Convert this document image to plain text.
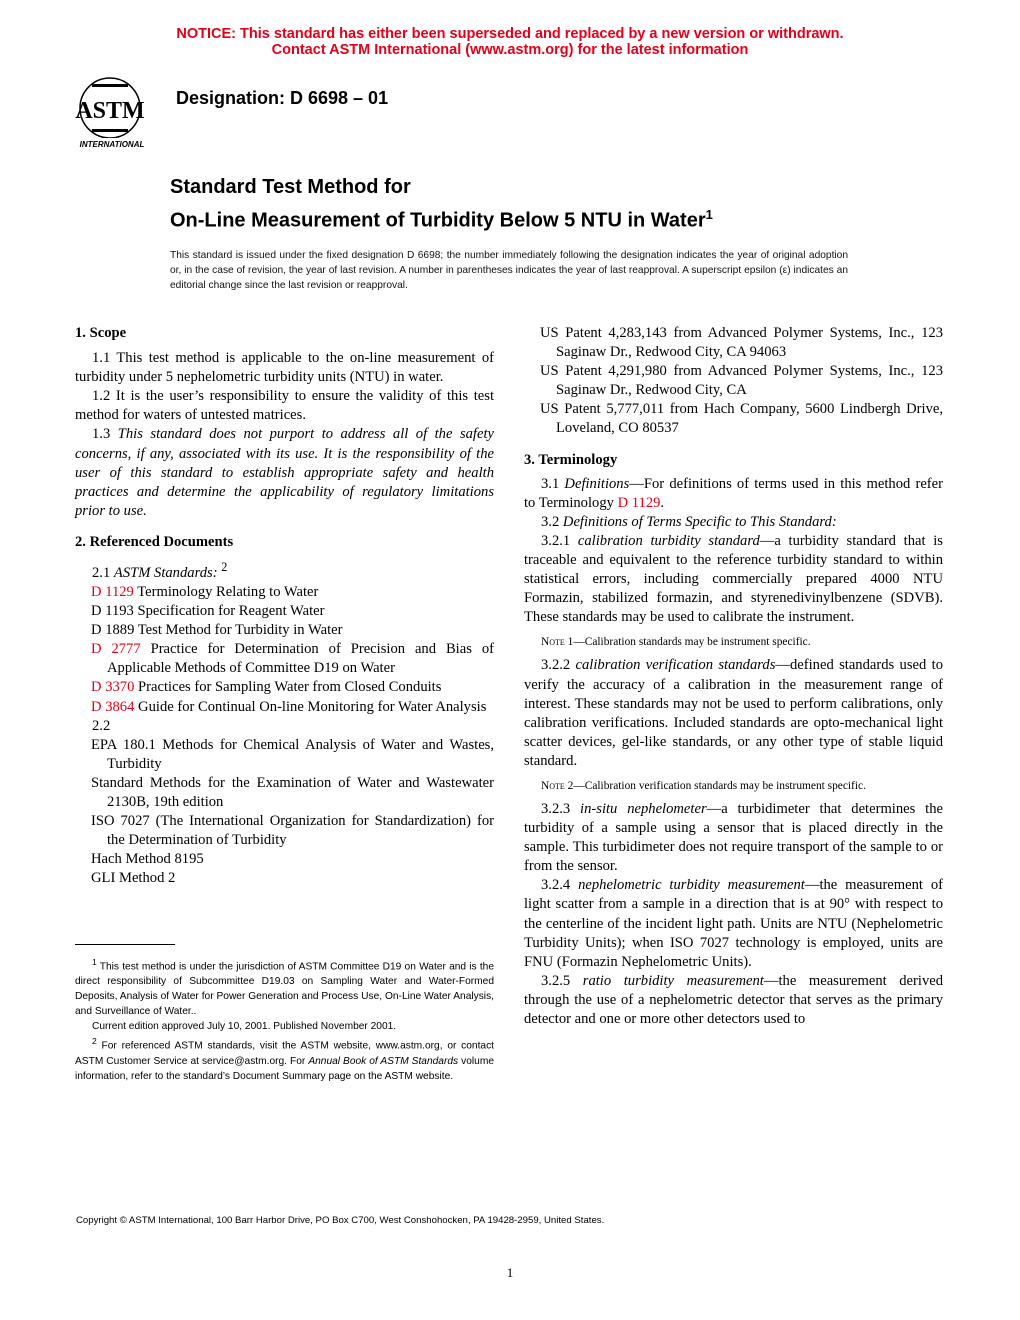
NOTICE: This standard has either been superseded and replaced by a new version or withdrawn.
Contact ASTM International (www.astm.org) for the latest information
ASTM
INTERNATIONAL
Designation: D 6698 – 01
Standard Test Method for
On-Line Measurement of Turbidity Below 5 NTU in Water$^1$
This standard is issued under the fixed designation D 6698; the number immediately following the designation indicates the year of original adoption or, in the case of revision, the year of last revision. A number in parentheses indicates the year of last reapproval. A superscript epsilon (ε) indicates an editorial change since the last revision or reapproval.

1. Scope

1.1 This test method is applicable to the on-line measurement of turbidity under 5 nephelometric turbidity units (NTU) in water.

1.2 It is the user’s responsibility to ensure the validity of this test method for waters of untested matrices.

1.3 This standard does not purport to address all of the safety concerns, if any, associated with its use. It is the responsibility of the user of this standard to establish appropriate safety and health practices and determine the applicability of regulatory limitations prior to use.

2. Referenced Documents

2.1 ASTM Standards: $^2$

D 1129 Terminology Relating to Water

D 1193 Specification for Reagent Water

D 1889 Test Method for Turbidity in Water

D 2777 Practice for Determination of Precision and Bias of Applicable Methods of Committee D19 on Water

D 3370 Practices for Sampling Water from Closed Conduits

D 3864 Guide for Continual On-line Monitoring for Water Analysis

2.2

EPA 180.1 Methods for Chemical Analysis of Water and Wastes, Turbidity

Standard Methods for the Examination of Water and Wastewater 2130B, 19th edition

ISO 7027 (The International Organization for Standardization) for the Determination of Turbidity

Hach Method 8195

GLI Method 2

$^1$ This test method is under the jurisdiction of ASTM Committee D19 on Water and is the direct responsibility of Subcommittee D19.03 on Sampling Water and Water-Formed Deposits, Analysis of Water for Power Generation and Process Use, On-Line Water Analysis, and Surveillance of Water..

Current edition approved July 10, 2001. Published November 2001.

$^2$ For referenced ASTM standards, visit the ASTM website, www.astm.org, or contact ASTM Customer Service at service@astm.org. For Annual Book of ASTM Standards volume information, refer to the standard’s Document Summary page on the ASTM website.

US Patent 4,283,143 from Advanced Polymer Systems, Inc., 123 Saginaw Dr., Redwood City, CA 94063

US Patent 4,291,980 from Advanced Polymer Systems, Inc., 123 Saginaw Dr., Redwood City, CA

US Patent 5,777,011 from Hach Company, 5600 Lindbergh Drive, Loveland, CO 80537

3. Terminology

3.1 Definitions—For definitions of terms used in this method refer to Terminology D 1129.

3.2 Definitions of Terms Specific to This Standard:

3.2.1 calibration turbidity standard—a turbidity standard that is traceable and equivalent to the reference turbidity standard to within statistical errors, including commercially prepared 4000 NTU Formazin, stabilized formazin, and styrenedivinylbenzene (SDVB). These standards may be used to calibrate the instrument.

Note 1—Calibration standards may be instrument specific.

3.2.2 calibration verification standards—defined standards used to verify the accuracy of a calibration in the measurement range of interest. These standards may not be used to perform calibrations, only calibration verifications. Included standards are opto-mechanical light scatter devices, gel-like standards, or any other type of stable liquid standard.

Note 2—Calibration verification standards may be instrument specific.

3.2.3 in-situ nephelometer—a turbidimeter that determines the turbidity of a sample using a sensor that is placed directly in the sample. This turbidimeter does not require transport of the sample to or from the sensor.

3.2.4 nephelometric turbidity measurement—the measurement of light scatter from a sample in a direction that is at 90° with respect to the centerline of the incident light path. Units are NTU (Nephelometric Turbidity Units); when ISO 7027 technology is employed, units are FNU (Formazin Nephelometric Units).

3.2.5 ratio turbidity measurement—the measurement derived through the use of a nephelometric detector that serves as the primary detector and one or more other detectors used to

Copyright © ASTM International, 100 Barr Harbor Drive, PO Box C700, West Conshohocken, PA 19428-2959, United States.
1
